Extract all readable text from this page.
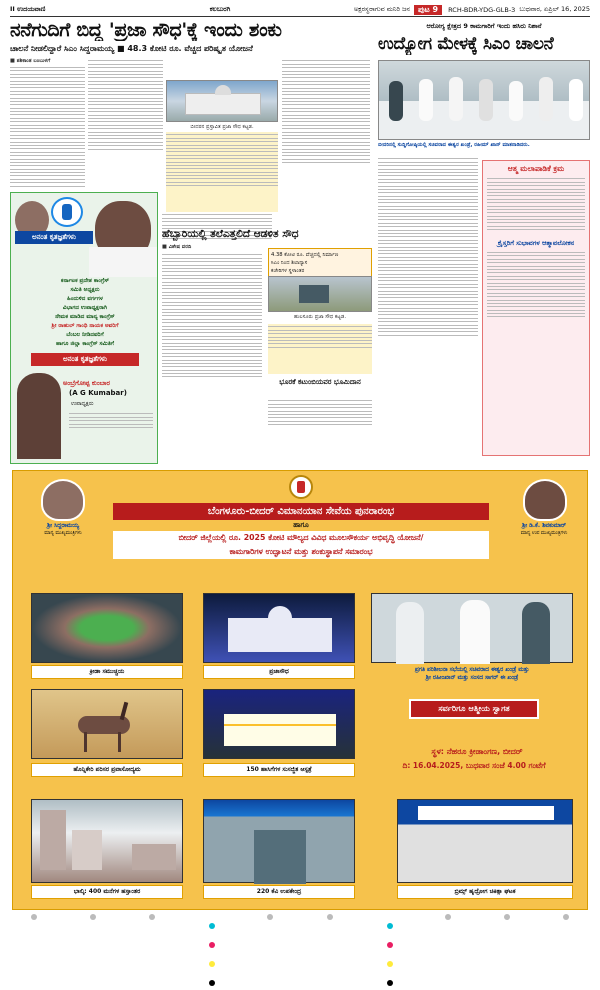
II ಉದಯವಾಣಿ	ಕಲಬುರಗಿ	ಅಕ್ಷರಸ್ಥರಾಗುವ ಮನಿರಿ ಜನ	ಪುಟ 9	RCH-BDR-YDG-GLB-3 ಬುಧವಾರ, ಏಪ್ರಿಲ್ 16, 2025
ನನೆಗುದಿಗೆ ಬಿದ್ದ 'ಪ್ರಜಾ ಸೌಧ'ಕ್ಕೆ ಇಂದು ಶಂಕು
ಚಾಲನೆ ನೀಡಲಿದ್ದಾರೆ ಸಿಎಂ ಸಿದ್ದರಾಮಯ್ಯ ■ 48.3 ಕೋಟಿ ರೂ. ವೆಚ್ಚದ ಪರಿಷ್ಕೃತ ಯೋಜನೆ
■ ಶಶಿಕಾಂತ ಬಂಬುಳಗೆ
ಬೀದರನ ಪ್ರಸ್ತಾವಿತ ಪ್ರಜಾ ಸೌಧ ಕಟ್ಟಡ.
ಅನಂತ ಕೃತಜ್ಞತೆಗಳು
ಕರ್ನಾಟಕ ಪ್ರದೇಶ ಕಾಂಗ್ರೆಸ್
ಸಮಿತಿ ಅಧ್ಯಕ್ಷರು
ಹಿಂದುಳಿದ ವರ್ಗಗಳ
ವಿಭಾಗದ ಉಪಾಧ್ಯಕ್ಷರಾಗಿ
ನೇಮಕ ಮಾಡಿದ ಮಾನ್ಯ ಕಾಂಗ್ರೆಸ್
ಶ್ರೀ ರಾಹುಲ್ ಗಾಂಧಿ ನಾಯಕ ಅವರಿಗೆ
ಬೆಂಬಲ ನೀಡಿದವರಿಗೆ
ಹಾಗೂ ಜಿಲ್ಲಾ ಕಾಂಗ್ರೆಸ್ ಸಮಿತಿಗೆ
ಅನಂತ ಕೃತಜ್ಞತೆಗಳು
ಅಂಬ್ರೆಗೋಪ್ಪ ಕುಂಬಾರ
(A G Kumabar)
ಉಪಾಧ್ಯಕ್ಷರು
ಹೆಬ್ಬಾರಿಯಲ್ಲಿ ತಲೆಎತ್ತಲಿದೆ ಆಡಳಿತ ಸೌಧ
■ ವಿಶೇಷ ವರದಿ
4.38 ಕೋಟಿ ರೂ. ವೆಚ್ಚದಲ್ಲಿ ನಿರ್ಮಾಣ
ಸಿಎಂ ನಿಂದ ಶಿಲಾನ್ಯಾಸ
ಕಚೇರಿಗಳ ಸ್ಥಳಾಂತರ
ಹುಲಸೂರು ಪ್ರಜಾ ಸೌಧ ಕಟ್ಟಡ.
ಭೂರಕೆ ಕಟುಂಬಿಯವರ ಭೂಮಿದಾನ
ಆರೋಗ್ಯ ಕ್ಷೇತ್ರದ 9 ಕಾಮಗಾರಿಗೆ ಇಂದು ಹಸಿರು ನಿಶಾನೆ
ಉದ್ಯೋಗ ಮೇಳಕ್ಕೆ ಸಿಎಂ ಚಾಲನೆ
ಬೀದರಿನಲ್ಲಿ ಸುದ್ದಿಗೋಷ್ಠಿಯಲ್ಲಿ ಸಚಿವರಾದ ಈಶ್ವರ ಖಂಡ್ರೆ, ರಹೀಮ್ ಖಾನ್ ಮಾತನಾಡಿದರು.
ಆತ್ಮ ಮಲಾಪಾಡಿಕೆ ಕ್ರಮ
ಕ್ರೈಸ್ತರಿಗೆ ಸುಭಾವಗಳ ಆತ್ಮಾವಲೋಕನ
ಶ್ರೀ ಸಿದ್ದರಾಮಯ್ಯ
ಮಾನ್ಯ ಮುಖ್ಯಮಂತ್ರಿಗಳು
ಶ್ರೀ ಡಿ.ಕೆ. ಶಿವಕುಮಾರ್
ಮಾನ್ಯ ಉಪ ಮುಖ್ಯಮಂತ್ರಿಗಳು
ಬೆಂಗಳೂರು-ಬೀದರ್ ವಿಮಾನಯಾನ ಸೇವೆಯ ಪುನರಾರಂಭ
ಹಾಗೂ
ಬೀದರ್ ಜಿಲ್ಲೆಯಲ್ಲಿ ರೂ. 2025 ಕೋಟಿ ಮೌಲ್ಯದ ವಿವಿಧ ಮೂಲಸೌಕರ್ಯ ಅಭಿವೃದ್ಧಿ ಯೋಜನೆ/
ಕಾಮಗಾರಿಗಳ ಉದ್ಘಾಟನೆ ಮತ್ತು ಶಂಕುಸ್ಥಾಪನೆ ಸಮಾರಂಭ
ಕ್ರೀಡಾ ಸಮುಚ್ಚಯ	ಪ್ರಜಾಸೌಧ	ಪ್ರಗತಿ ಪರಿಶೀಲನಾ ಸಭೆಯಲ್ಲಿ ಸಚಿವರಾದ ಈಶ್ವರ ಖಂಡ್ರೆ ಮತ್ತು
ಶ್ರೀ ರಹೀಂಖಾನ್ ಮತ್ತು ಸಂಸದ ಸಾಗರ್ ಈ ಖಂಡ್ರೆ
ಹೊನ್ನಿಕೇರಿ ಪರಿಸರ ಪ್ರವಾಸೋದ್ಯಮ	150 ಹಾಸಿಗೆಗಳ ಸುಸಜ್ಜಿತ ಆಸ್ಪತ್ರೆ
ಸರ್ವರಿಗೂ ಆತ್ಮೀಯ ಸ್ವಾಗತ
ಸ್ಥಳ: ನೆಹರೂ ಕ್ರೀಡಾಂಗಣ, ಬೀದರ್
ದಿ: 16.04.2025, ಬುಧವಾರ ಸಂಜೆ 4.00 ಗಂಟೆಗೆ
ಭಾಲ್ಕಿ: 400 ಮನೆಗಳ ಹಸ್ತಾಂತರ	220 ಕೆವಿ ಉಪಕೇಂದ್ರ	ಬ್ರಿಮ್ಸ್ ಹೃದ್ರೋಗ ಚಿಕಿತ್ಸಾ ಘಟಕ
